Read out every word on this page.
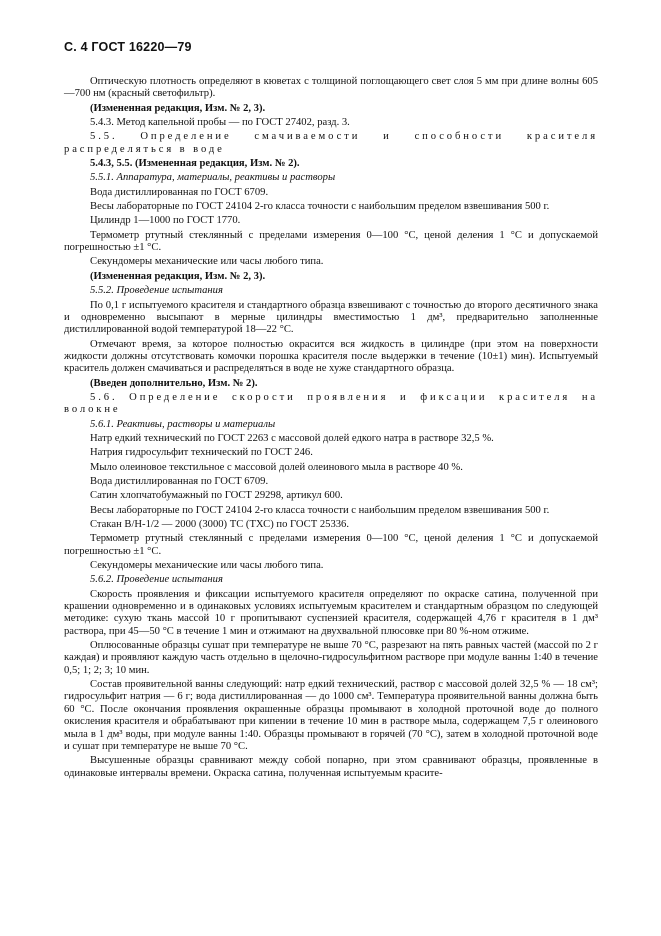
С. 4 ГОСТ 16220—79

Оптическую плотность определяют в кюветах с толщиной поглощающего свет слоя 5 мм при длине волны 605—700 нм (красный светофильтр).

(Измененная редакция, Изм. № 2, 3).

5.4.3. Метод капельной пробы — по ГОСТ 27402, разд. 3.

5.5. Определение смачиваемости и способности красителя распределяться в воде

5.4.3, 5.5. (Измененная редакция, Изм. № 2).

5.5.1. Аппаратура, материалы, реактивы и растворы

Вода дистиллированная по ГОСТ 6709.

Весы лабораторные по ГОСТ 24104 2-го класса точности с наибольшим пределом взвешивания 500 г.

Цилиндр 1—1000 по ГОСТ 1770.

Термометр ртутный стеклянный с пределами измерения 0—100 °С, ценой деления 1 °С и допускаемой погрешностью ±1 °С.

Секундомеры механические или часы любого типа.

(Измененная редакция, Изм. № 2, 3).

5.5.2. Проведение испытания

По 0,1 г испытуемого красителя и стандартного образца взвешивают с точностью до второго десятичного знака и одновременно высыпают в мерные цилиндры вместимостью 1 дм³, предварительно заполненные дистиллированной водой температурой 18—22 °С.

Отмечают время, за которое полностью окрасится вся жидкость в цилиндре (при этом на поверхности жидкости должны отсутствовать комочки порошка красителя после выдержки в течение (10±1) мин). Испытуемый краситель должен смачиваться и распределяться в воде не хуже стандартного образца.

(Введен дополнительно, Изм. № 2).

5.6. Определение скорости проявления и фиксации красителя на волокне

5.6.1. Реактивы, растворы и материалы

Натр едкий технический по ГОСТ 2263 с массовой долей едкого натра в растворе 32,5 %.

Натрия гидросульфит технический по ГОСТ 246.

Мыло олеиновое текстильное с массовой долей олеинового мыла в растворе 40 %.

Вода дистиллированная по ГОСТ 6709.

Сатин хлопчатобумажный по ГОСТ 29298, артикул 600.

Весы лабораторные по ГОСТ 24104 2-го класса точности с наибольшим пределом взвешивания 500 г.

Стакан В/Н-1/2 — 2000 (3000) ТС (ТХС) по ГОСТ 25336.

Термометр ртутный стеклянный с пределами измерения 0—100 °С, ценой деления 1 °С и допускаемой погрешностью ±1 °С.

Секундомеры механические или часы любого типа.

5.6.2. Проведение испытания

Скорость проявления и фиксации испытуемого красителя определяют по окраске сатина, полученной при крашении одновременно и в одинаковых условиях испытуемым красителем и стандартным образцом по следующей методике: сухую ткань массой 10 г пропитывают суспензией красителя, содержащей 4,76 г красителя в 1 дм³ раствора, при 45—50 °С в течение 1 мин и отжимают на двухвальной плюсовке при 80 %-ном отжиме.

Оплюсованные образцы сушат при температуре не выше 70 °С, разрезают на пять равных частей (массой по 2 г каждая) и проявляют каждую часть отдельно в щелочно-гидросульфитном растворе при модуле ванны 1:40 в течение 0,5; 1; 2; 3; 10 мин.

Состав проявительной ванны следующий: натр едкий технический, раствор с массовой долей 32,5 % — 18 см³; гидросульфит натрия — 6 г; вода дистиллированная — до 1000 см³. Температура проявительной ванны должна быть 60 °С. После окончания проявления окрашенные образцы промывают в холодной проточной воде до полного окисления красителя и обрабатывают при кипении в течение 10 мин в растворе мыла, содержащем 7,5 г олеинового мыла в 1 дм³ воды, при модуле ванны 1:40. Образцы промывают в горячей (70 °С), затем в холодной проточной воде и сушат при температуре не выше 70 °С.

Высушенные образцы сравнивают между собой попарно, при этом сравнивают образцы, проявленные в одинаковые интервалы времени. Окраска сатина, полученная испытуемым красите-
